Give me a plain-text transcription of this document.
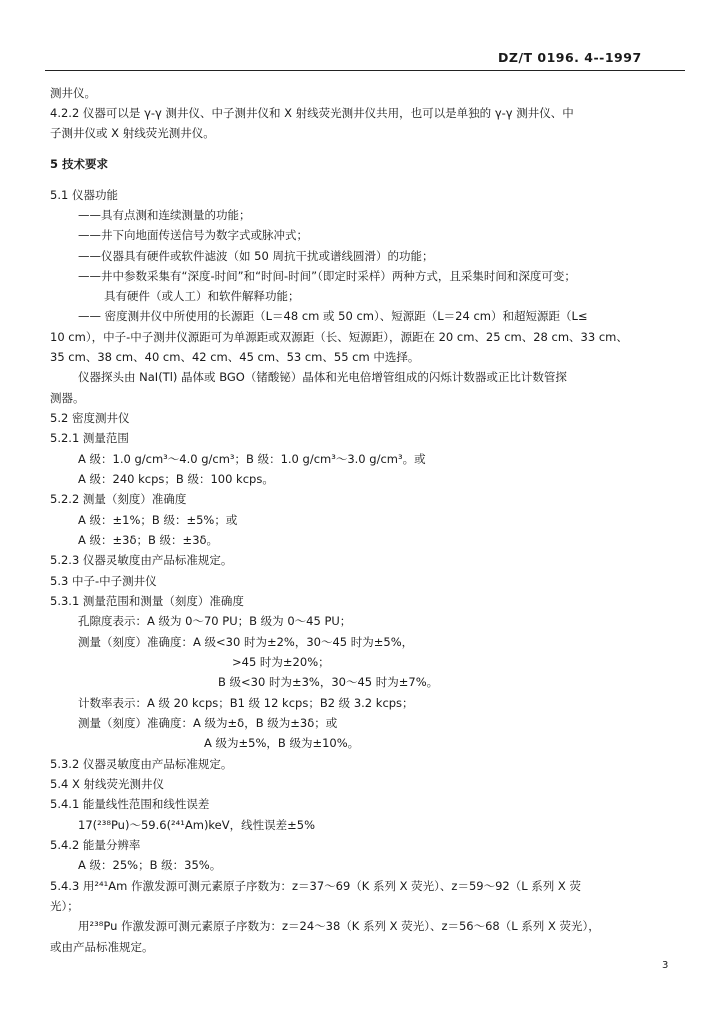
DZ/T 0196. 4--1997
测井仪。
4.2.2 仪器可以是 γ-γ 测井仪、中子测井仪和 X 射线荧光测井仪共用，也可以是单独的 γ-γ 测井仪、中
子测井仪或 X 射线荧光测井仪。
5 技术要求
5.1 仪器功能
——具有点测和连续测量的功能；
——井下向地面传送信号为数字式或脉冲式；
——仪器具有硬件或软件滤波（如 50 周抗干扰或谱线圆滑）的功能；
——井中参数采集有“深度-时间”和“时间-时间”（即定时采样）两种方式，且采集时间和深度可变；
具有硬件（或人工）和软件解释功能；
—— 密度测井仪中所使用的长源距（L＝48 cm 或 50 cm）、短源距（L＝24 cm）和超短源距（L≤
10 cm），中子-中子测井仪源距可为单源距或双源距（长、短源距），源距在 20 cm、25 cm、28 cm、33 cm、
35 cm、38 cm、40 cm、42 cm、45 cm、53 cm、55 cm 中选择。
仪器探头由 NaI(Tl) 晶体或 BGO（锗酸铋）晶体和光电倍增管组成的闪烁计数器或正比计数管探
测器。
5.2 密度测井仪
5.2.1 测量范围
A 级：1.0 g/cm³～4.0 g/cm³；B 级：1.0 g/cm³～3.0 g/cm³。或
A 级：240 kcps；B 级：100 kcps。
5.2.2 测量（刻度）准确度
A 级：±1%；B 级：±5%；或
A 级：±3δ；B 级：±3δ。
5.2.3 仪器灵敏度由产品标准规定。
5.3 中子-中子测井仪
5.3.1 测量范围和测量（刻度）准确度
孔隙度表示：A 级为 0～70 PU；B 级为 0～45 PU；
测量（刻度）准确度：A 级<30 时为±2%，30～45 时为±5%，
>45 时为±20%；
B 级<30 时为±3%，30～45 时为±7%。
计数率表示：A 级 20 kcps；B1 级 12 kcps；B2 级 3.2 kcps；
测量（刻度）准确度：A 级为±δ，B 级为±3δ；或
A 级为±5%，B 级为±10%。
5.3.2 仪器灵敏度由产品标准规定。
5.4 X 射线荧光测井仪
5.4.1 能量线性范围和线性误差
17(²³⁸Pu)～59.6(²⁴¹Am)keV，线性误差±5%
5.4.2 能量分辨率
A 级：25%；B 级：35%。
5.4.3 用²⁴¹Am 作激发源可测元素原子序数为：z＝37～69（K 系列 X 荧光）、z＝59～92（L 系列 X 荧
光）；
用²³⁸Pu 作激发源可测元素原子序数为：z＝24～38（K 系列 X 荧光）、z＝56～68（L 系列 X 荧光），
或由产品标准规定。
3
